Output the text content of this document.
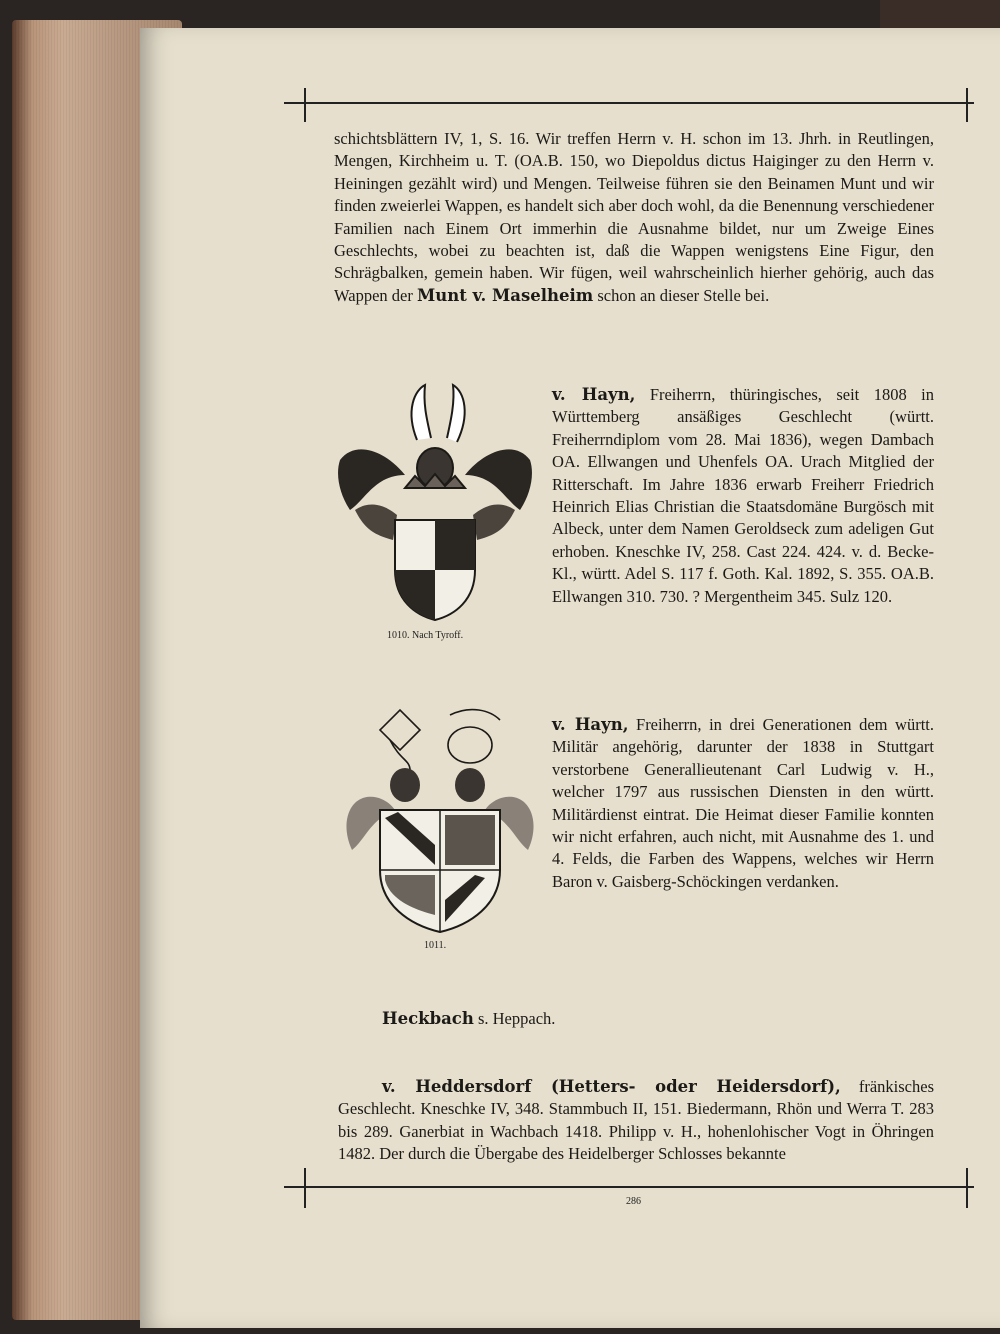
schichtsblättern IV, 1, S. 16. Wir treffen Herrn v. H. schon im 13. Jhrh. in Reutlingen, Mengen, Kirchheim u. T. (OA.B. 150, wo Diepoldus dictus Haiginger zu den Herrn v. Heiningen gezählt wird) und Mengen. Teilweise führen sie den Beinamen Munt und wir finden zweierlei Wappen, es handelt sich aber doch wohl, da die Benennung verschiedener Familien nach Einem Ort immerhin die Ausnahme bildet, nur um Zweige Eines Geschlechts, wobei zu beachten ist, daß die Wappen wenigstens Eine Figur, den Schrägbalken, gemein haben. Wir fügen, weil wahrscheinlich hierher gehörig, auch das Wappen der Munt v. Maselheim schon an dieser Stelle bei.
1010. Nach Tyroff.
v. Hayn, Freiherrn, thüringisches, seit 1808 in Württemberg ansäßiges Geschlecht (württ. Freiherrndiplom vom 28. Mai 1836), wegen Dambach OA. Ellwangen und Uhenfels OA. Urach Mitglied der Ritterschaft. Im Jahre 1836 erwarb Freiherr Friedrich Heinrich Elias Christian die Staatsdomäne Burgösch mit Albeck, unter dem Namen Geroldseck zum adeligen Gut erhoben. Kneschke IV, 258. Cast 224. 424. v. d. Becke-Kl., württ. Adel S. 117 f. Goth. Kal. 1892, S. 355. OA.B. Ellwangen 310. 730. ? Mergentheim 345. Sulz 120.
1011.
v. Hayn, Freiherrn, in drei Generationen dem württ. Militär angehörig, darunter der 1838 in Stuttgart verstorbene Generallieutenant Carl Ludwig v. H., welcher 1797 aus russischen Diensten in den württ. Militärdienst eintrat. Die Heimat dieser Familie konnten wir nicht erfahren, auch nicht, mit Ausnahme des 1. und 4. Felds, die Farben des Wappens, welches wir Herrn Baron v. Gaisberg-Schöckingen verdanken.
Heckbach s. Heppach.
v. Heddersdorf (Hetters- oder Heidersdorf), fränkisches Geschlecht. Kneschke IV, 348. Stammbuch II, 151. Biedermann, Rhön und Werra T. 283 bis 289. Ganerbiat in Wachbach 1418. Philipp v. H., hohenlohischer Vogt in Öhringen 1482. Der durch die Übergabe des Heidelberger Schlosses bekannte
286
